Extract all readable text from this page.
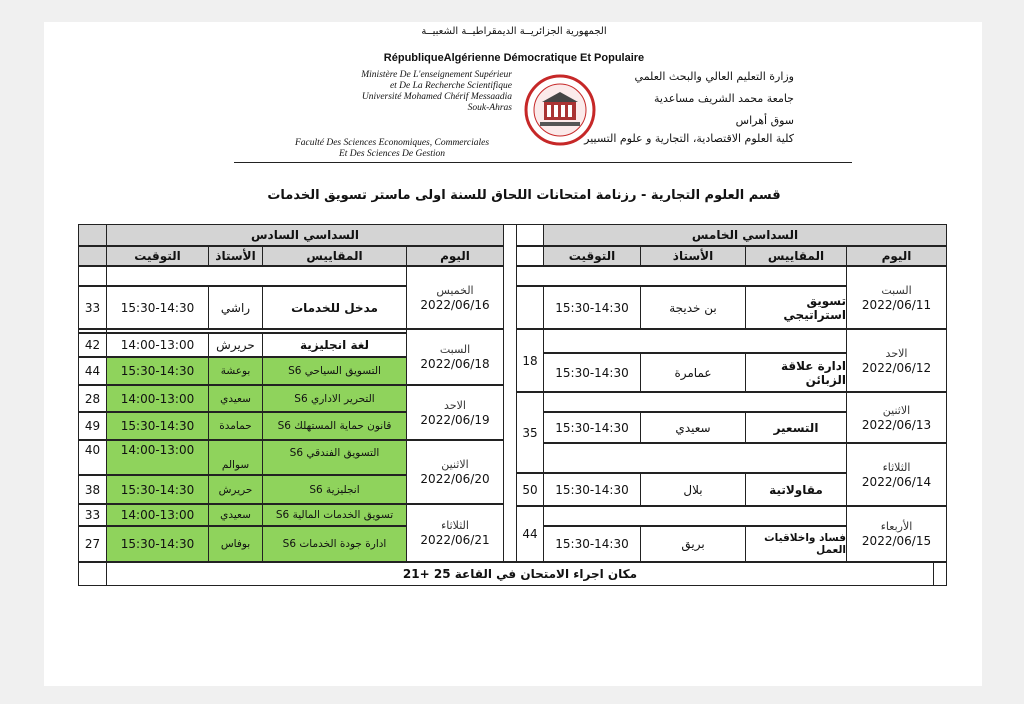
الجمهورية الجزائريــة الديمقراطيــة الشعبيــة
RépubliqueAlgérienne Démocratique Et Populaire
Ministère De L'enseignement Supérieur
et De La Recherche Scientifique
Université Mohamed Chérif Messaadia
Souk-Ahras
Faculté Des Sciences Economiques, Commerciales
Et Des Sciences De Gestion
وزارة التعليم العالي والبحث العلمي
جامعة محمد الشريف مساعدية
سوق أهراس
كلية العلوم الاقتصادية، التجارية و علوم التسيير
قسم العلوم التجارية - رزنامة امتحانات اللحاق للسنة اولى ماستر تسويق الخدمات
السداسي الخامس
اليوم
المقاييس
الأستاذ
التوقيت
السبت
2022/06/11
الاحد
2022/06/12
الاثنين
2022/06/13
الثلاثاء
2022/06/14
الأربعاء
2022/06/15
تسويق استراتيجي
بن خديجة
15:30-14:30
ادارة علاقة الزبائن
عمامرة
15:30-14:30
18
التسعير
سعيدي
15:30-14:30
35
مقاولاتية
بلال
15:30-14:30
50
فساد واخلاقيات العمل
بريق
15:30-14:30
44
السداسي السادس
اليوم
المقاييس
الأستاذ
التوقيت
الخميس
2022/06/16
السبت
2022/06/18
الاحد
2022/06/19
الاثنين
2022/06/20
الثلاثاء
2022/06/21
مدخل للخدمات
راشي
15:30-14:30
33
لغة انجليزية
حريرش
14:00-13:00
42
التسويق السياحي S6
بوعشة
15:30-14:30
44
التحرير الاداري S6
سعيدي
14:00-13:00
28
قانون حماية المستهلك S6
حمامدة
15:30-14:30
49
التسويق الفندقي S6
سوالم
14:00-13:00
40
انجليزية S6
حريرش
15:30-14:30
38
تسويق الخدمات المالية S6
سعيدي
14:00-13:00
33
ادارة جودة الخدمات S6
بوفاس
15:30-14:30
27
مكان اجراء الامتحان في القاعة 25 +21
